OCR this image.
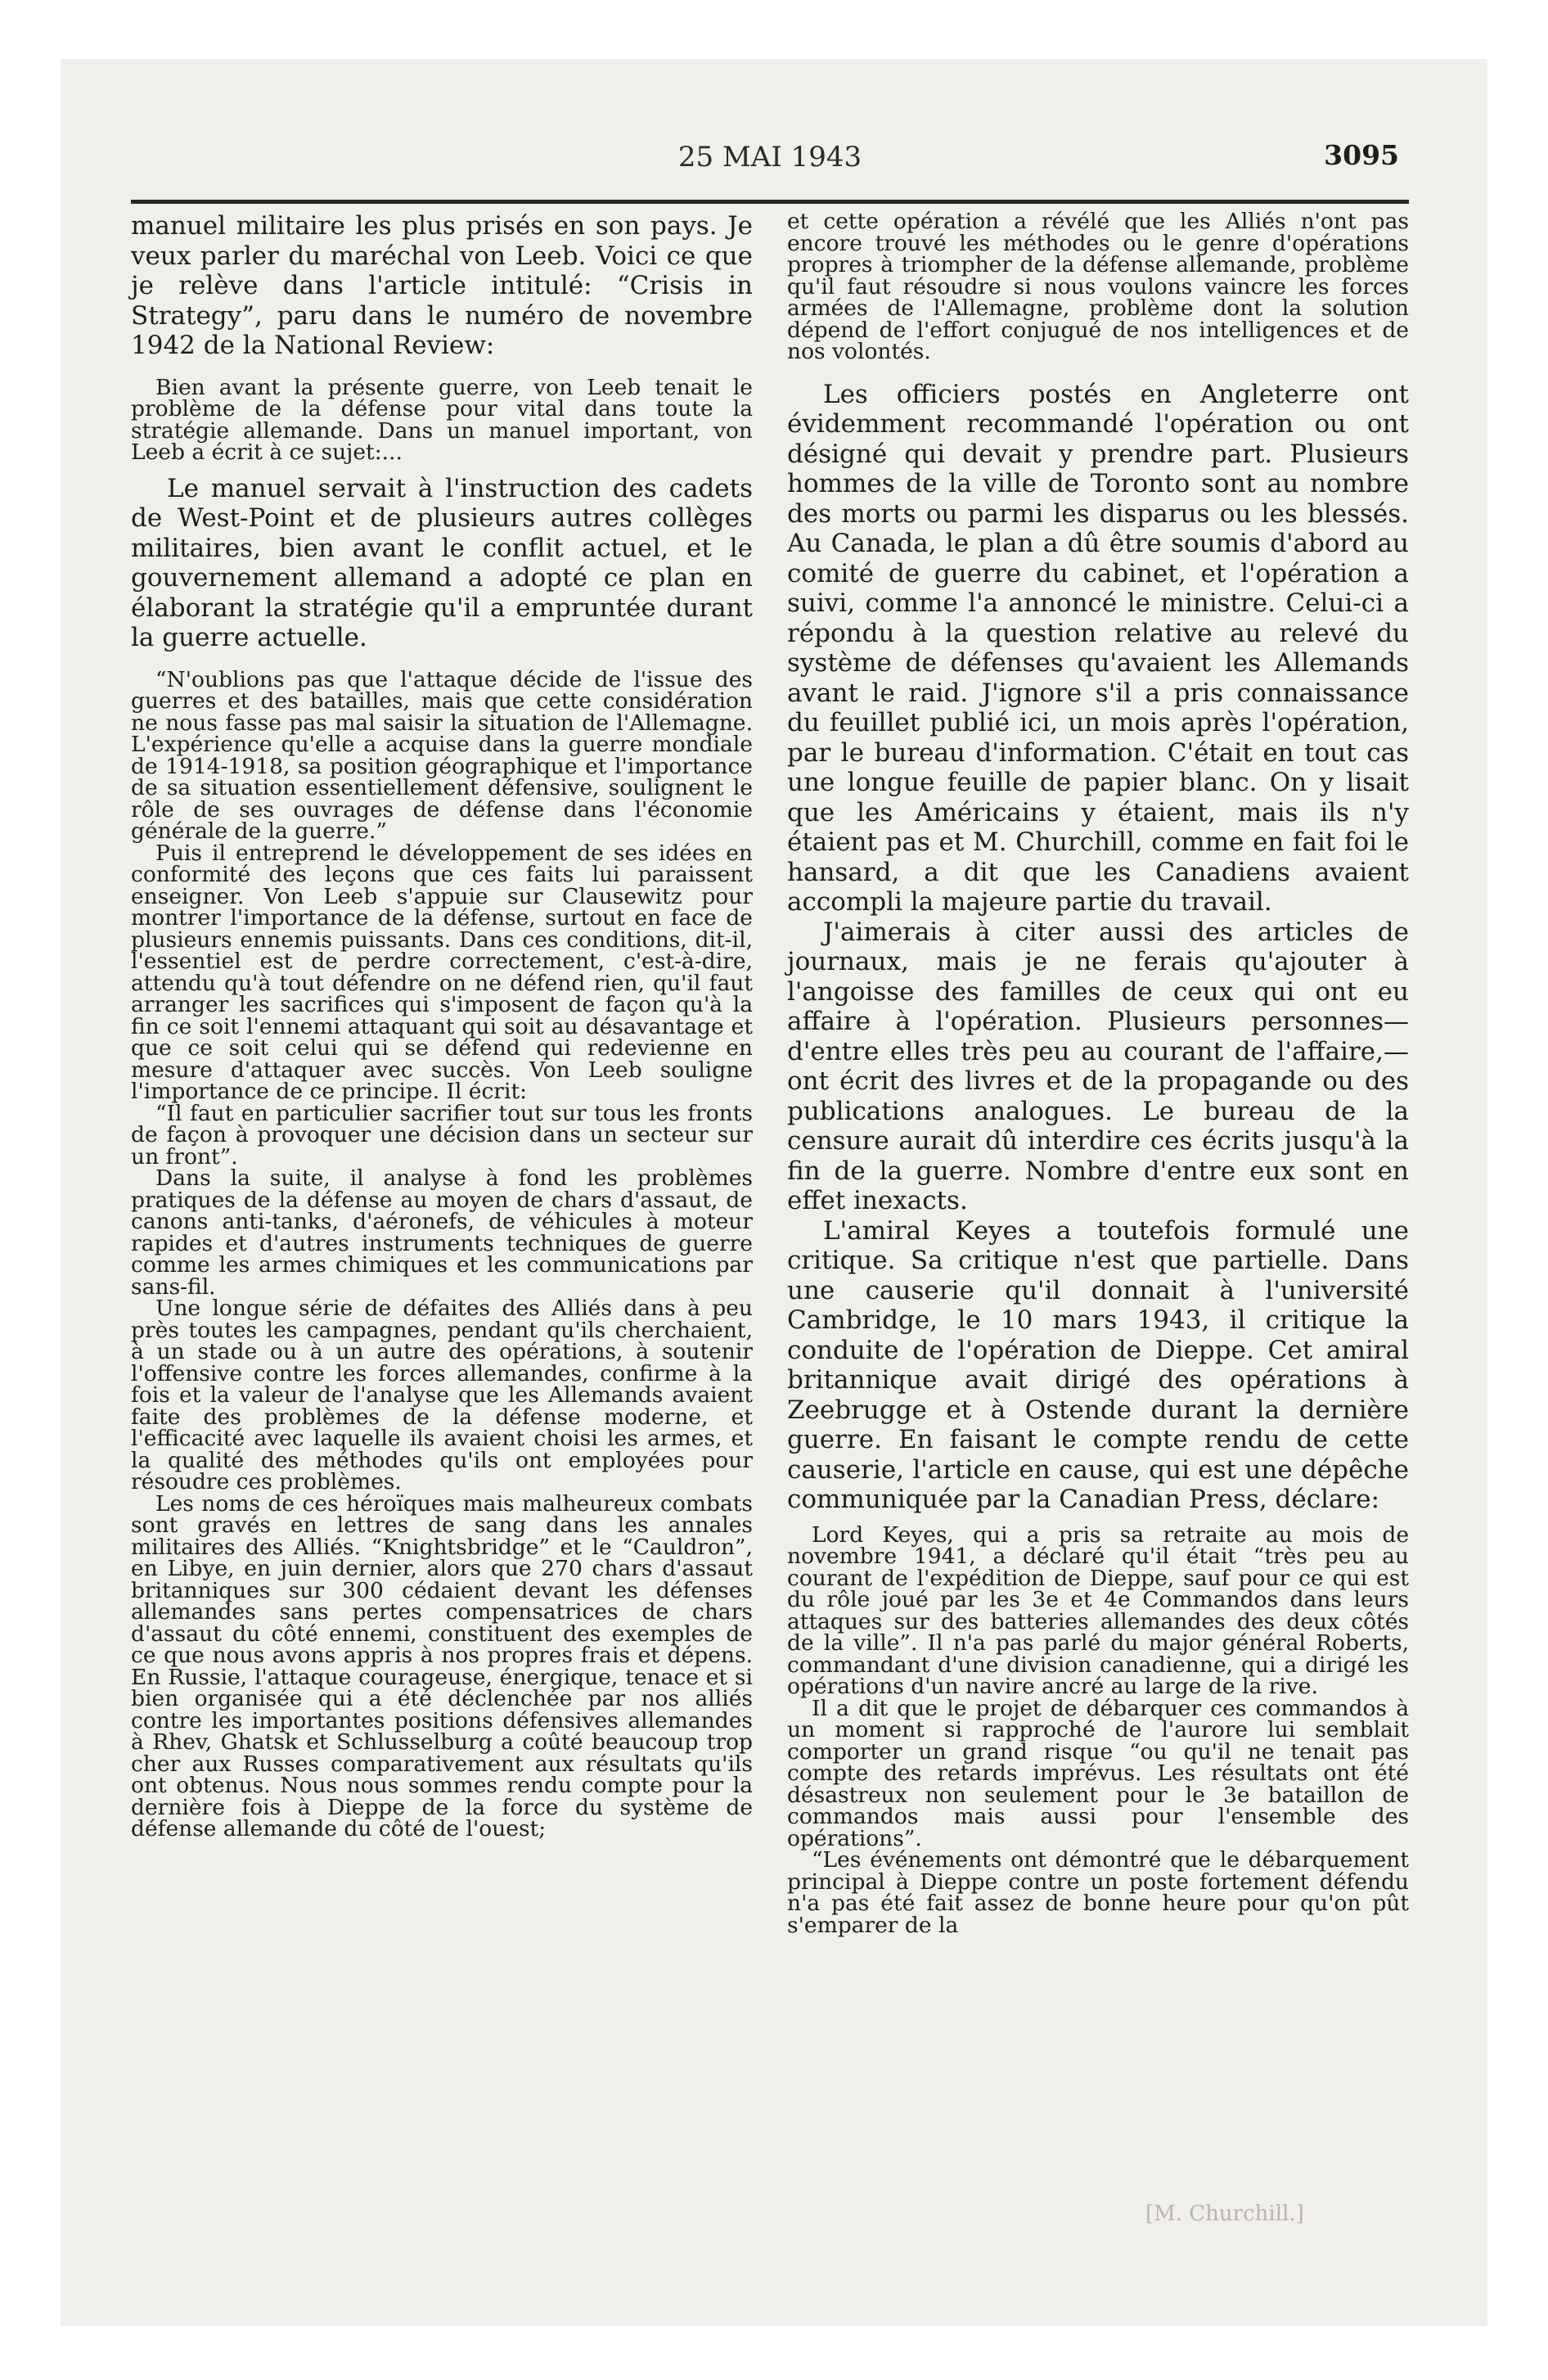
25 MAI 1943	3095

manuel militaire les plus prisés en son pays. Je veux parler du maréchal von Leeb. Voici ce que je relève dans l'article intitulé: “Crisis in Strategy”, paru dans le numéro de novembre 1942 de la National Review:

Bien avant la présente guerre, von Leeb tenait le problème de la défense pour vital dans toute la stratégie allemande. Dans un manuel important, von Leeb a écrit à ce sujet:...

Le manuel servait à l'instruction des cadets de West-Point et de plusieurs autres collèges militaires, bien avant le conflit actuel, et le gouvernement allemand a adopté ce plan en élaborant la stratégie qu'il a empruntée durant la guerre actuelle.

“N'oublions pas que l'attaque décide de l'issue des guerres et des batailles, mais que cette considération ne nous fasse pas mal saisir la situation de l'Allemagne. L'expérience qu'elle a acquise dans la guerre mondiale de 1914-1918, sa position géographique et l'importance de sa situation essentiellement défensive, soulignent le rôle de ses ouvrages de défense dans l'économie générale de la guerre.”

Puis il entreprend le développement de ses idées en conformité des leçons que ces faits lui paraissent enseigner. Von Leeb s'appuie sur Clausewitz pour montrer l'importance de la défense, surtout en face de plusieurs ennemis puissants. Dans ces conditions, dit-il, l'essentiel est de perdre correctement, c'est-à-dire, attendu qu'à tout défendre on ne défend rien, qu'il faut arranger les sacrifices qui s'imposent de façon qu'à la fin ce soit l'ennemi attaquant qui soit au désavantage et que ce soit celui qui se défend qui redevienne en mesure d'attaquer avec succès. Von Leeb souligne l'importance de ce principe. Il écrit:

“Il faut en particulier sacrifier tout sur tous les fronts de façon à provoquer une décision dans un secteur sur un front”.

Dans la suite, il analyse à fond les problèmes pratiques de la défense au moyen de chars d'assaut, de canons anti-tanks, d'aéronefs, de véhicules à moteur rapides et d'autres instruments techniques de guerre comme les armes chimiques et les communications par sans-fil.

Une longue série de défaites des Alliés dans à peu près toutes les campagnes, pendant qu'ils cherchaient, à un stade ou à un autre des opérations, à soutenir l'offensive contre les forces allemandes, confirme à la fois et la valeur de l'analyse que les Allemands avaient faite des problèmes de la défense moderne, et l'efficacité avec laquelle ils avaient choisi les armes, et la qualité des méthodes qu'ils ont employées pour résoudre ces problèmes.

Les noms de ces héroïques mais malheureux combats sont gravés en lettres de sang dans les annales militaires des Alliés. “Knightsbridge” et le “Cauldron”, en Libye, en juin dernier, alors que 270 chars d'assaut britanniques sur 300 cédaient devant les défenses allemandes sans pertes compensatrices de chars d'assaut du côté ennemi, constituent des exemples de ce que nous avons appris à nos propres frais et dépens. En Russie, l'attaque courageuse, énergique, tenace et si bien organisée qui a été déclenchée par nos alliés contre les importantes positions défensives allemandes à Rhev, Ghatsk et Schlusselburg a coûté beaucoup trop cher aux Russes comparativement aux résultats qu'ils ont obtenus. Nous nous sommes rendu compte pour la dernière fois à Dieppe de la force du système de défense allemande du côté de l'ouest;

et cette opération a révélé que les Alliés n'ont pas encore trouvé les méthodes ou le genre d'opérations propres à triompher de la défense allemande, problème qu'il faut résoudre si nous voulons vaincre les forces armées de l'Allemagne, problème dont la solution dépend de l'effort conjugué de nos intelligences et de nos volontés.

Les officiers postés en Angleterre ont évidemment recommandé l'opération ou ont désigné qui devait y prendre part. Plusieurs hommes de la ville de Toronto sont au nombre des morts ou parmi les disparus ou les blessés. Au Canada, le plan a dû être soumis d'abord au comité de guerre du cabinet, et l'opération a suivi, comme l'a annoncé le ministre. Celui-ci a répondu à la question relative au relevé du système de défenses qu'avaient les Allemands avant le raid. J'ignore s'il a pris connaissance du feuillet publié ici, un mois après l'opération, par le bureau d'information. C'était en tout cas une longue feuille de papier blanc. On y lisait que les Américains y étaient, mais ils n'y étaient pas et M. Churchill, comme en fait foi le hansard, a dit que les Canadiens avaient accompli la majeure partie du travail.

J'aimerais à citer aussi des articles de journaux, mais je ne ferais qu'ajouter à l'angoisse des familles de ceux qui ont eu affaire à l'opération. Plusieurs personnes—d'entre elles très peu au courant de l'affaire,— ont écrit des livres et de la propagande ou des publications analogues. Le bureau de la censure aurait dû interdire ces écrits jusqu'à la fin de la guerre. Nombre d'entre eux sont en effet inexacts.

L'amiral Keyes a toutefois formulé une critique. Sa critique n'est que partielle. Dans une causerie qu'il donnait à l'université Cambridge, le 10 mars 1943, il critique la conduite de l'opération de Dieppe. Cet amiral britannique avait dirigé des opérations à Zeebrugge et à Ostende durant la dernière guerre. En faisant le compte rendu de cette causerie, l'article en cause, qui est une dépêche communiquée par la Canadian Press, déclare:

Lord Keyes, qui a pris sa retraite au mois de novembre 1941, a déclaré qu'il était “très peu au courant de l'expédition de Dieppe, sauf pour ce qui est du rôle joué par les 3e et 4e Commandos dans leurs attaques sur des batteries allemandes des deux côtés de la ville”. Il n'a pas parlé du major général Roberts, commandant d'une division canadienne, qui a dirigé les opérations d'un navire ancré au large de la rive.

Il a dit que le projet de débarquer ces commandos à un moment si rapproché de l'aurore lui semblait comporter un grand risque “ou qu'il ne tenait pas compte des retards imprévus. Les résultats ont été désastreux non seulement pour le 3e bataillon de commandos mais aussi pour l'ensemble des opérations”.

“Les événements ont démontré que le débarquement principal à Dieppe contre un poste fortement défendu n'a pas été fait assez de bonne heure pour qu'on pût s'emparer de la

[M. Churchill.]
